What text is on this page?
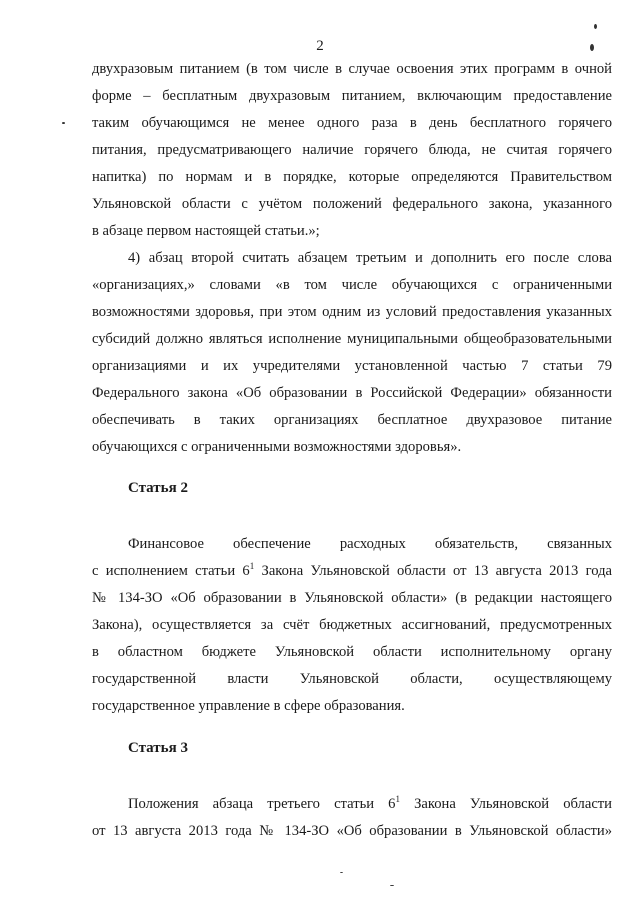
2
двухразовым питанием (в том числе в случае освоения этих программ в очной
форме – бесплатным двухразовым питанием, включающим предоставление
таким обучающимся не менее одного раза в день бесплатного горячего
питания, предусматривающего наличие горячего блюда, не считая горячего
напитка) по нормам и в порядке, которые определяются Правительством
Ульяновской области с учётом положений федерального закона, указанного
в абзаце первом настоящей статьи.»;
4) абзац второй считать абзацем третьим и дополнить его после слова
«организациях,» словами «в том числе обучающихся с ограниченными
возможностями здоровья, при этом одним из условий предоставления указанных
субсидий должно являться исполнение муниципальными общеобразовательными
организациями и их учредителями установленной частью 7 статьи 79
Федерального закона «Об образовании в Российской Федерации» обязанности
обеспечивать в таких организациях бесплатное двухразовое питание
обучающихся с ограниченными возможностями здоровья».
Статья 2
Финансовое обеспечение расходных обязательств, связанных
с исполнением статьи $6^1$ Закона Ульяновской области от 13 августа 2013 года
№ 134-ЗО «Об образовании в Ульяновской области» (в редакции настоящего
Закона), осуществляется за счёт бюджетных ассигнований, предусмотренных
в областном бюджете Ульяновской области исполнительному органу
государственной власти Ульяновской области, осуществляющему
государственное управление в сфере образования.
Статья 3
Положения абзаца третьего статьи $6^1$ Закона Ульяновской области
от 13 августа 2013 года № 134-ЗО «Об образовании в Ульяновской области»
